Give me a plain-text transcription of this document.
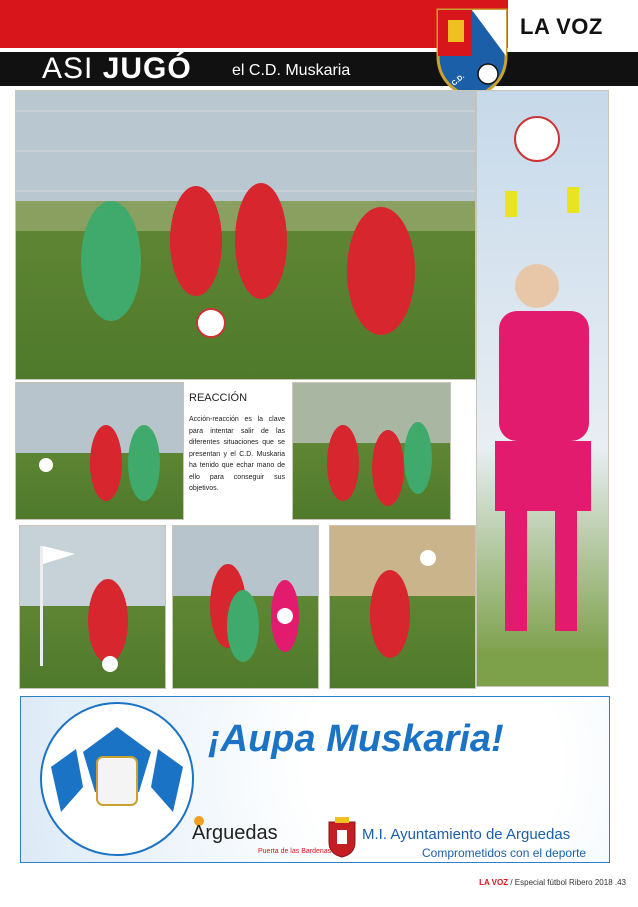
LA VOZ
ASI JUGÓ	el C.D. Muskaria
C.D.
REACCIÓN

Acción-reacción es la clave para intentar salir de las diferentes situaciones que se presentan y el C.D. Muskaria ha tenido que echar mano de ello para conseguir sus objetivos.

¡Aupa Muskaria!
Arguedas
Puerta de las Bardenas
M.I. Ayuntamiento de Arguedas
Comprometidos con el deporte
LA VOZ / Especial fútbol Ribero 2018 .43
